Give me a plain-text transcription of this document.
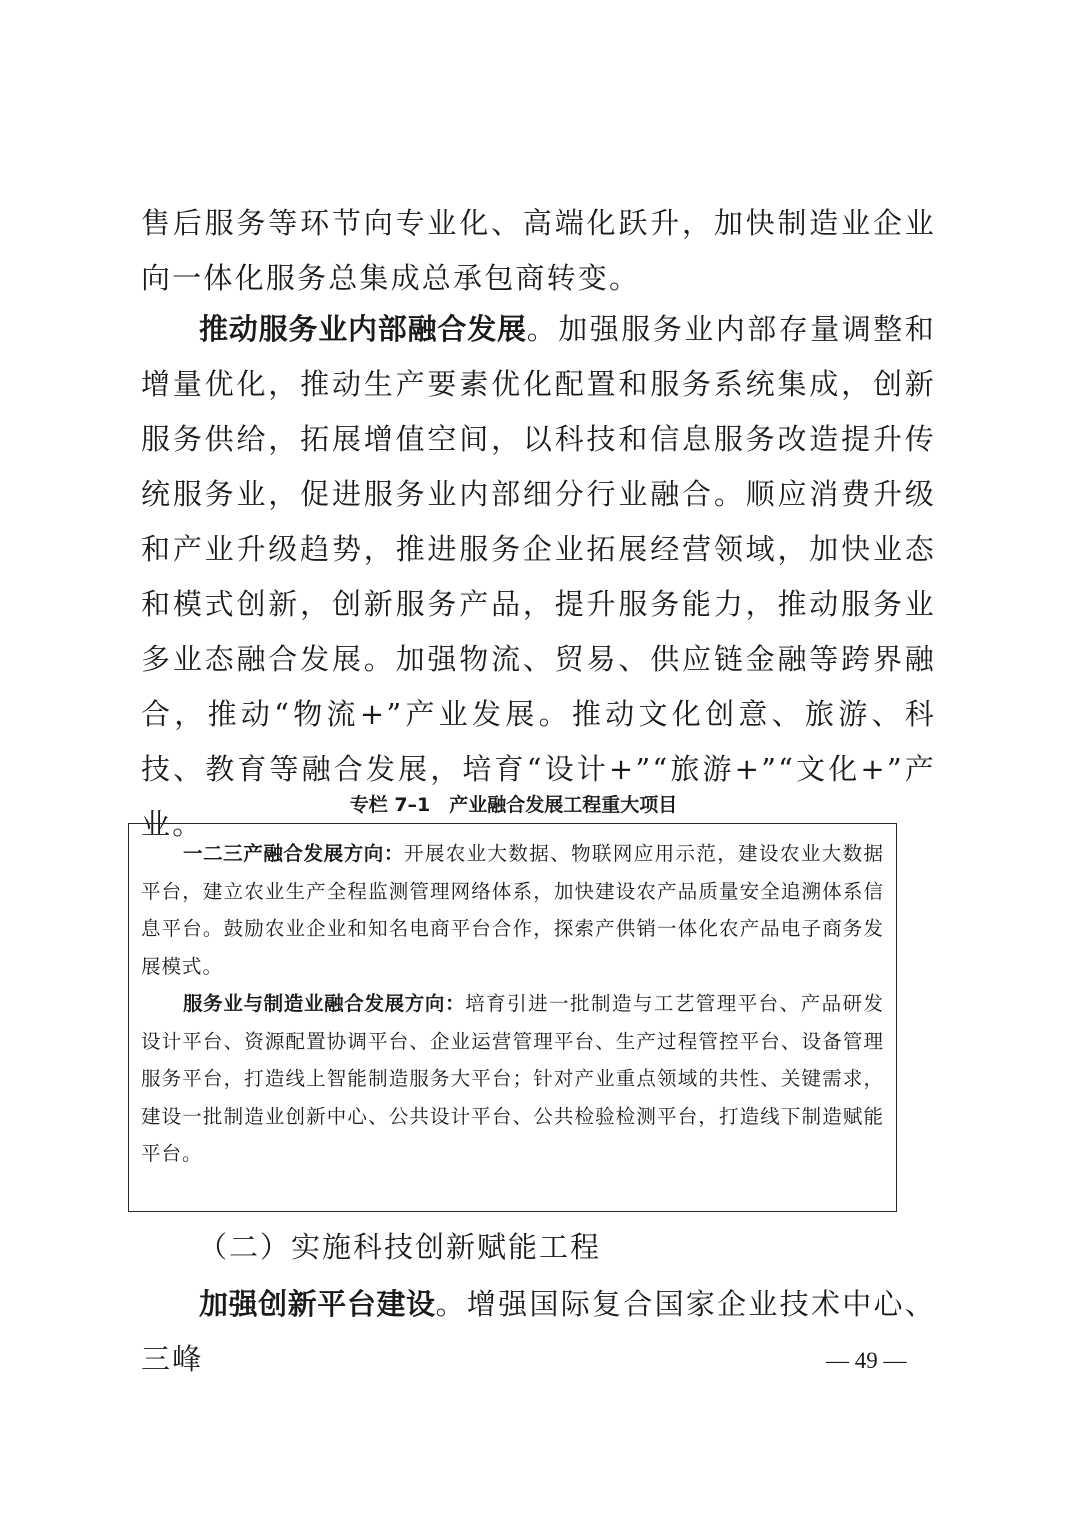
售后服务等环节向专业化、高端化跃升，加快制造业企业向一体化服务总集成总承包商转变。
推动服务业内部融合发展。加强服务业内部存量调整和增量优化，推动生产要素优化配置和服务系统集成，创新服务供给，拓展增值空间，以科技和信息服务改造提升传统服务业，促进服务业内部细分行业融合。顺应消费升级和产业升级趋势，推进服务企业拓展经营领域，加快业态和模式创新，创新服务产品，提升服务能力，推动服务业多业态融合发展。加强物流、贸易、供应链金融等跨界融合，推动“物流+”产业发展。推动文化创意、旅游、科技、教育等融合发展，培育“设计+”“旅游+”“文化+”产业。
专栏 7–1　产业融合发展工程重大项目

一二三产融合发展方向：开展农业大数据、物联网应用示范，建设农业大数据平台，建立农业生产全程监测管理网络体系，加快建设农产品质量安全追溯体系信息平台。鼓励农业企业和知名电商平台合作，探索产供销一体化农产品电子商务发展模式。

服务业与制造业融合发展方向：培育引进一批制造与工艺管理平台、产品研发设计平台、资源配置协调平台、企业运营管理平台、生产过程管控平台、设备管理服务平台，打造线上智能制造服务大平台；针对产业重点领域的共性、关键需求，建设一批制造业创新中心、公共设计平台、公共检验检测平台，打造线下制造赋能平台。

（二）实施科技创新赋能工程
加强创新平台建设。增强国际复合国家企业技术中心、三峰	— 49 —
